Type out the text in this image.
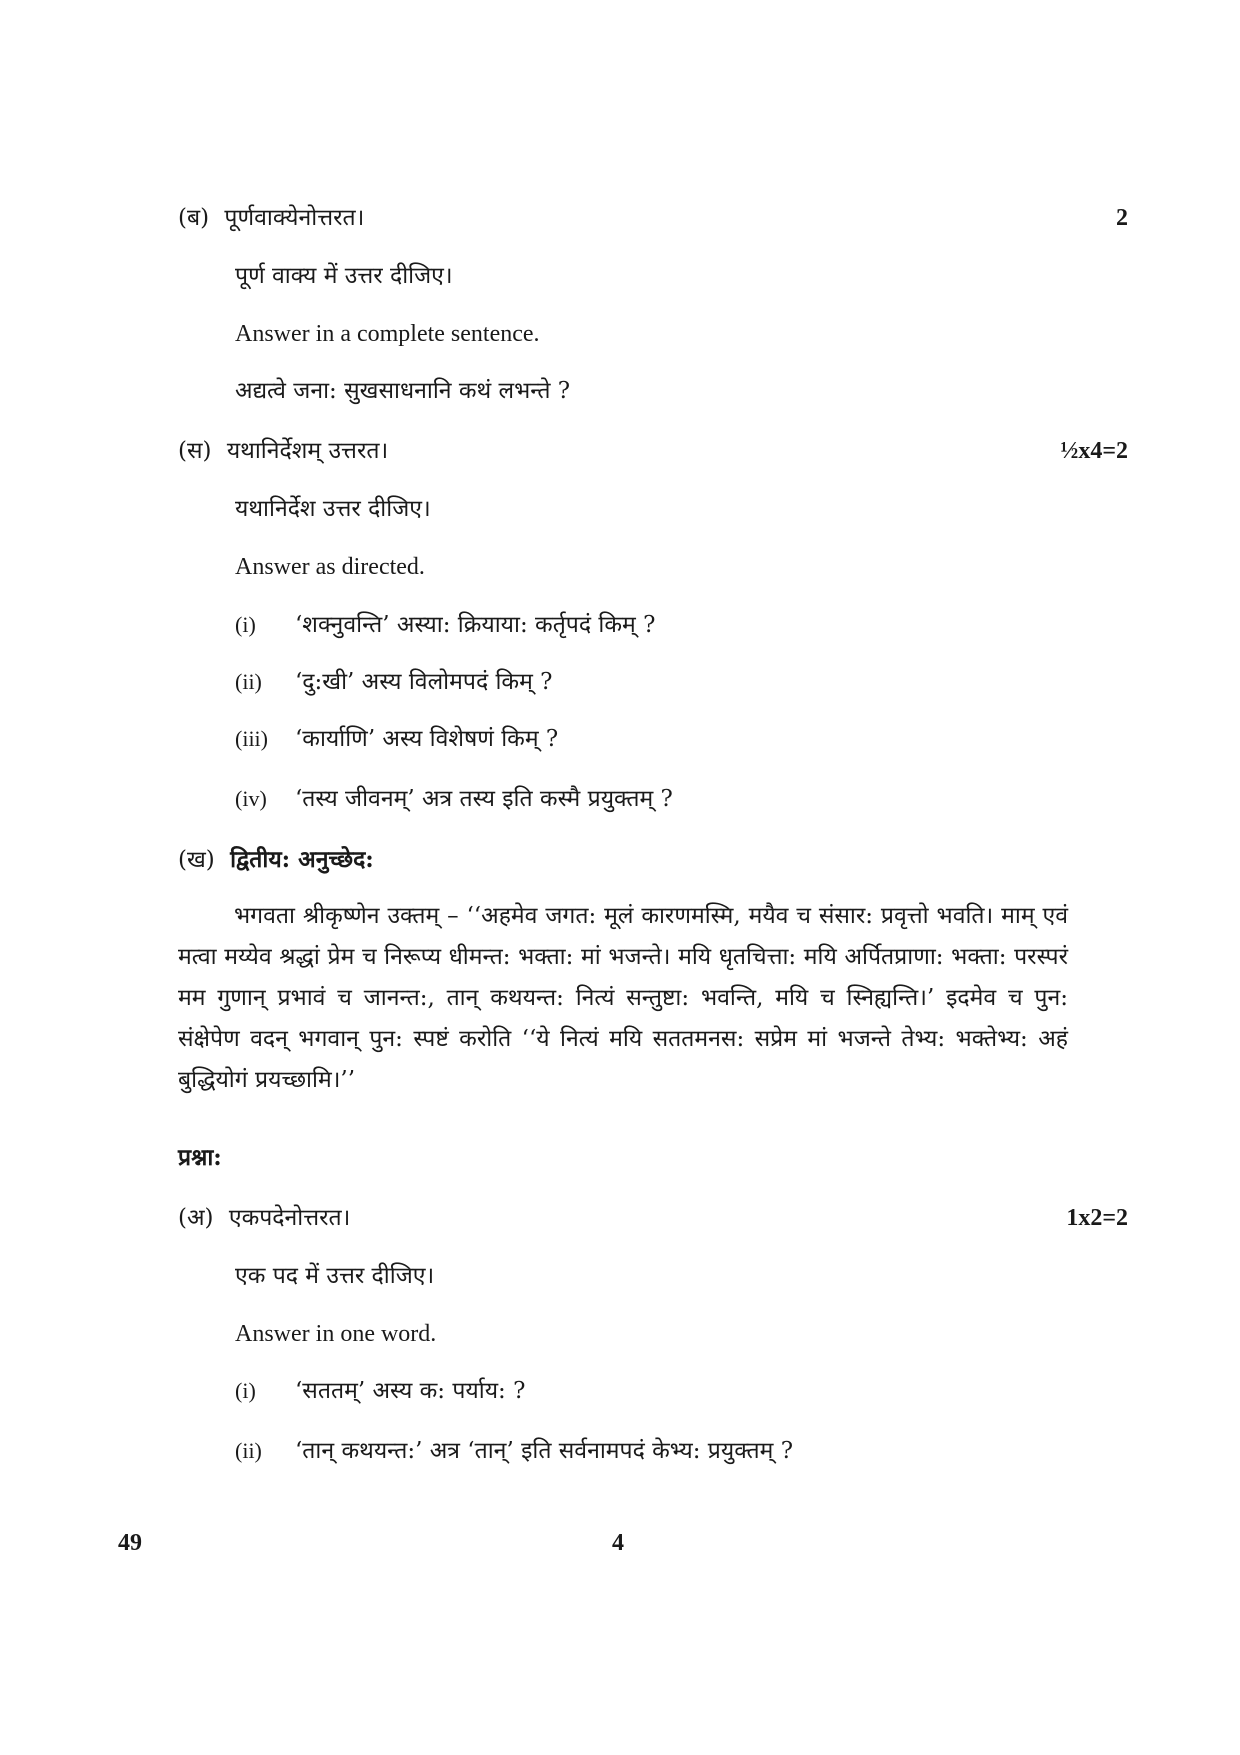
(ब) पूर्णवाक्येनोत्तरत।	2
पूर्ण वाक्य में उत्तर दीजिए।
Answer in a complete sentence.
अद्यत्वे जना: सुखसाधनानि कथं लभन्ते ?
(स) यथानिर्देशम् उत्तरत।	½x4=2
यथानिर्देश उत्तर दीजिए।
Answer as directed.
(i) ‘शक्नुवन्ति’ अस्या: क्रियाया: कर्तृपदं किम् ?
(ii) ‘दु:खी’ अस्य विलोमपदं किम् ?
(iii) ‘कार्याणि’ अस्य विशेषणं किम् ?
(iv) ‘तस्य जीवनम्’ अत्र तस्य इति कस्मै प्रयुक्तम् ?
(ख) द्वितीय: अनुच्छेद:
भगवता श्रीकृष्णेन उक्तम् – ‘‘अहमेव जगत: मूलं कारणमस्मि, मयैव च संसार: प्रवृत्तो भवति। माम् एवं मत्वा मय्येव श्रद्धां प्रेम च निरूप्य धीमन्त: भक्ता: मां भजन्ते। मयि धृतचित्ता: मयि अर्पितप्राणा: भक्ता: परस्परं मम गुणान् प्रभावं च जानन्त:, तान् कथयन्त: नित्यं सन्तुष्टा: भवन्ति, मयि च स्निह्यन्ति।’ इदमेव च पुन: संक्षेपेण वदन् भगवान् पुन: स्पष्टं करोति ‘‘ये नित्यं मयि सततमनस: सप्रेम मां भजन्ते तेभ्य: भक्तेभ्य: अहं बुद्धियोगं प्रयच्छामि।’’
प्रश्ना:
(अ) एकपदेनोत्तरत।	1x2=2
एक पद में उत्तर दीजिए।
Answer in one word.
(i) ‘सततम्’ अस्य क: पर्याय: ?
(ii) ‘तान् कथयन्त:’ अत्र ‘तान्’ इति सर्वनामपदं केभ्य: प्रयुक्तम् ?
49	4
